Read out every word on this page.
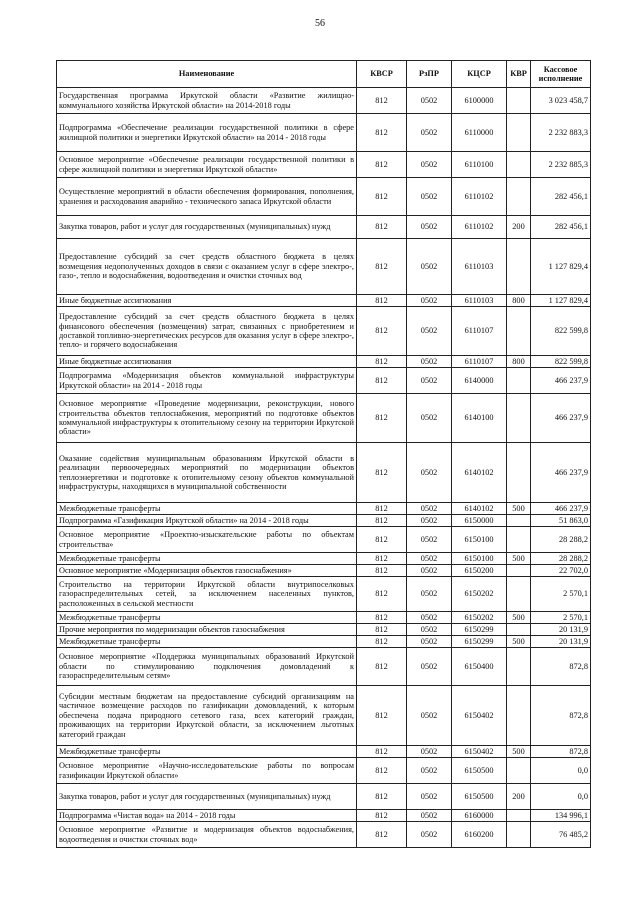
56
Наименование	КВСР	РзПР	КЦСР	КВР	Кассовое исполнение
Государственная программа Иркутской области «Развитие жилищно-коммунального хозяйства Иркутской области» на 2014-2018 годы	812	0502	6100000		3 023 458,7
Подпрограмма «Обеспечение реализации государственной политики в сфере жилищной политики и энергетики Иркутской области» на 2014 - 2018 годы	812	0502	6110000		2 232 883,3
Основное мероприятие «Обеспечение реализации государственной политики в сфере жилищной политики и энергетики Иркутской области»	812	0502	6110100		2 232 885,3
Осуществление мероприятий в области обеспечения формирования, пополнения, хранения и расходования аварийно - технического запаса Иркутской области	812	0502	6110102		282 456,1
Закупка товаров, работ и услуг для государственных (муниципальных) нужд	812	0502	6110102	200	282 456,1
Предоставление субсидий за счет средств областного бюджета в целях возмещения недополученных доходов в связи с оказанием услуг в сфере электро-, газо-, тепло и водоснабжения, водоотведения и очистки сточных вод	812	0502	6110103		1 127 829,4
Иные бюджетные ассигнования	812	0502	6110103	800	1 127 829,4
Предоставление субсидий за счет средств областного бюджета в целях финансового обеспечения (возмещения) затрат, связанных с приобретением и доставкой топливно-энергетических ресурсов для оказания услуг в сфере электро-, тепло- и горячего водоснабжения	812	0502	6110107		822 599,8
Иные бюджетные ассигнования	812	0502	6110107	800	822 599,8
Подпрограмма «Модернизация объектов коммунальной инфраструктуры Иркутской области» на 2014 - 2018 годы	812	0502	6140000		466 237,9
Основное мероприятие «Проведение модернизации, реконструкции, нового строительства объектов теплоснабжения, мероприятий по подготовке объектов коммунальной инфраструктуры к отопительному сезону на территории Иркутской области»	812	0502	6140100		466 237,9
Оказание содействия муниципальным образованиям Иркутской области в реализации первоочередных мероприятий по модернизации объектов теплоэнергетики и подготовке к отопительному сезону объектов коммунальной инфраструктуры, находящихся в муниципальной собственности	812	0502	6140102		466 237,9
Межбюджетные трансферты	812	0502	6140102	500	466 237,9
Подпрограмма «Газификация Иркутской области» на 2014 - 2018 годы	812	0502	6150000		51 863,0
Основное мероприятие «Проектно-изыскательские работы по объектам строительства»	812	0502	6150100		28 288,2
Межбюджетные трансферты	812	0502	6150100	500	28 288,2
Основное мероприятие «Модернизация объектов газоснабжения»	812	0502	6150200		22 702,0
Строительство на территории Иркутской области внутрипоселковых газораспределительных сетей, за исключением населенных пунктов, расположенных в сельской местности	812	0502	6150202		2 570,1
Межбюджетные трансферты	812	0502	6150202	500	2 570,1
Прочие мероприятия по модернизации объектов газоснабжения	812	0502	6150299		20 131,9
Межбюджетные трансферты	812	0502	6150299	500	20 131,9
Основное мероприятие «Поддержка муниципальных образований Иркутской области по стимулированию подключения домовладений к газораспределительным сетям»	812	0502	6150400		872,8
Субсидии местным бюджетам на предоставление субсидий организациям на частичное возмещение расходов по газификации домовладений, к которым обеспечена подача природного сетевого газа, всех категорий граждан, проживающих на территории Иркутской области, за исключением льготных категорий граждан	812	0502	6150402		872,8
Межбюджетные трансферты	812	0502	6150402	500	872,8
Основное мероприятие «Научно-исследовательские работы по вопросам газификации Иркутской области»	812	0502	6150500		0,0
Закупка товаров, работ и услуг для государственных (муниципальных) нужд	812	0502	6150500	200	0,0
Подпрограмма «Чистая вода» на 2014 - 2018 годы	812	0502	6160000		134 996,1
Основное мероприятие «Развитие и модернизация объектов водоснабжения, водоотведения и очистки сточных вод»	812	0502	6160200		76 485,2
